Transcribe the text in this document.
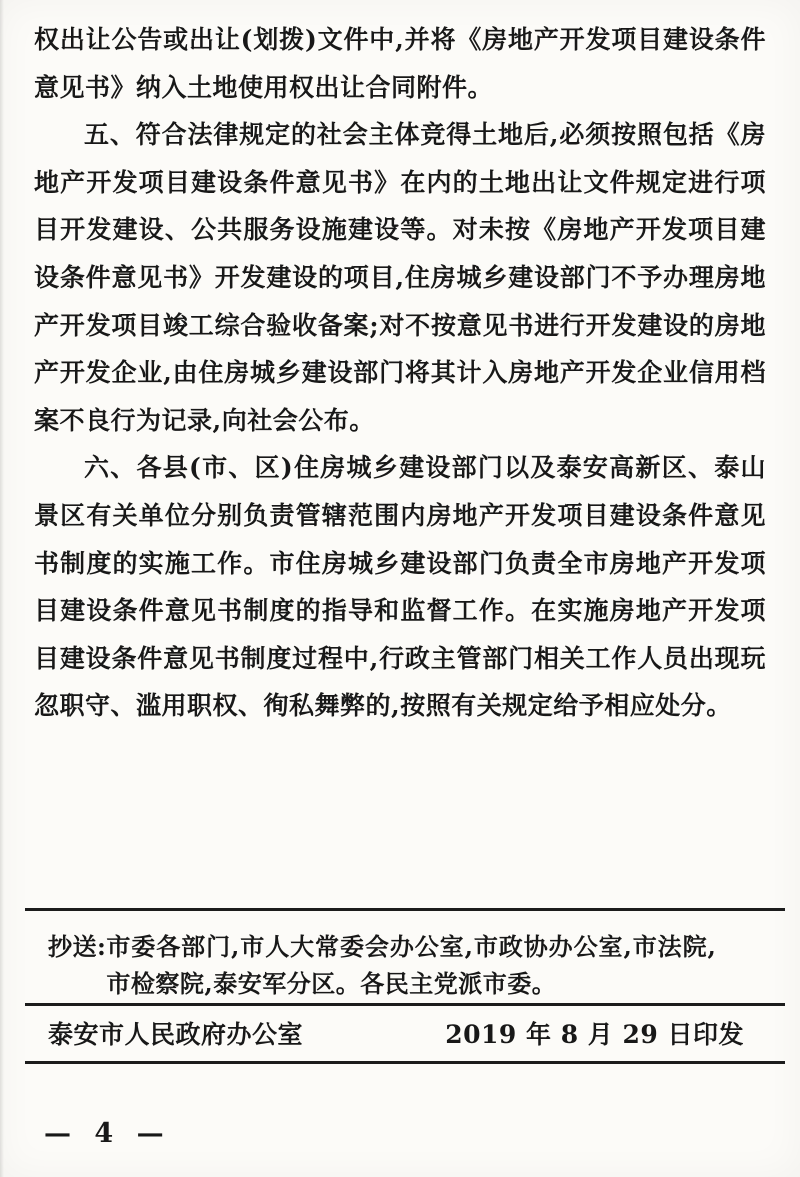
权出让公告或出让(划拨)文件中,并将《房地产开发项目建设条件意见书》纳入土地使用权出让合同附件。

五、符合法律规定的社会主体竞得土地后,必须按照包括《房地产开发项目建设条件意见书》在内的土地出让文件规定进行项目开发建设、公共服务设施建设等。对未按《房地产开发项目建设条件意见书》开发建设的项目,住房城乡建设部门不予办理房地产开发项目竣工综合验收备案;对不按意见书进行开发建设的房地产开发企业,由住房城乡建设部门将其计入房地产开发企业信用档案不良行为记录,向社会公布。

六、各县(市、区)住房城乡建设部门以及泰安高新区、泰山景区有关单位分别负责管辖范围内房地产开发项目建设条件意见书制度的实施工作。市住房城乡建设部门负责全市房地产开发项目建设条件意见书制度的指导和监督工作。在实施房地产开发项目建设条件意见书制度过程中,行政主管部门相关工作人员出现玩忽职守、滥用职权、徇私舞弊的,按照有关规定给予相应处分。

抄送: 市委各部门,市人大常委会办公室,市政协办公室,市法院,市检察院,泰安军分区。各民主党派市委。
泰安市人民政府办公室	2019 年 8 月 29 日印发
— 4 —
